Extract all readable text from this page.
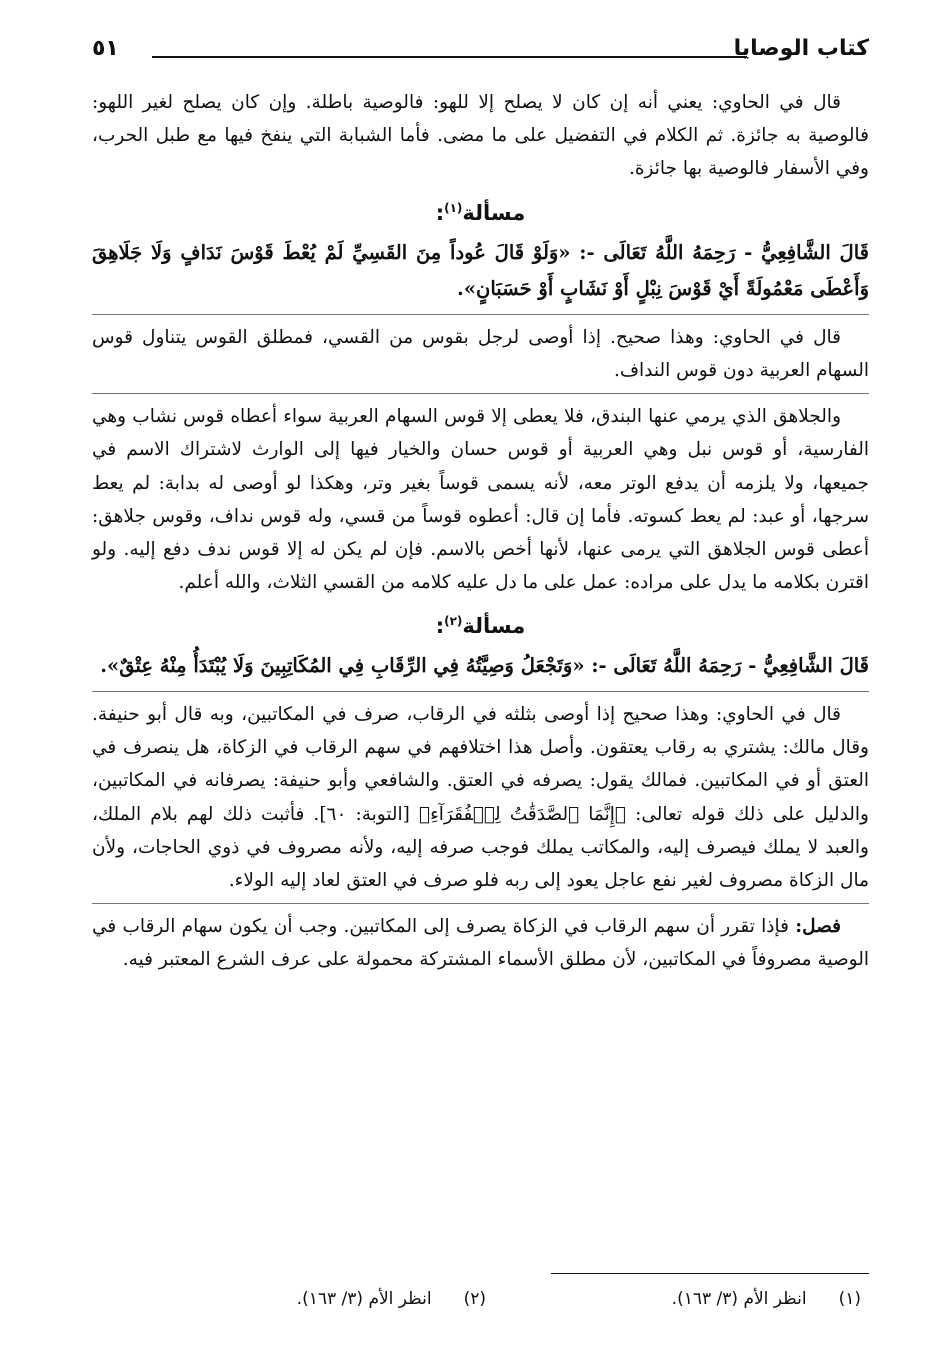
كتاب الوصايا
٥١

قال في الحاوي: يعني أنه إن كان لا يصلح إلا للهو: فالوصية باطلة. وإن كان يصلح لغير اللهو: فالوصية به جائزة. ثم الكلام في التفضيل على ما مضى. فأما الشبابة التي ينفخ فيها مع طبل الحرب، وفي الأسفار فالوصية بها جائزة.

مسألة$^{(١)}$:

قَالَ الشَّافِعِيُّ - رَحِمَهُ اللَّهُ تَعَالَى -: «وَلَوْ قَالَ عُوداً مِنَ القَسِيِّ لَمْ يُعْطَ قَوْسَ نَدَافٍ وَلَا جَلَاهِقَ وَأَعْطَى مَعْمُولَةً أَيْ قَوْسَ نِبْلٍ أَوْ نَشَابٍ أَوْ حَسَبَانٍ».

قال في الحاوي: وهذا صحيح. إذا أوصى لرجل بقوس من القسي، فمطلق القوس يتناول قوس السهام العربية دون قوس النداف.

والجلاهق الذي يرمي عنها البندق، فلا يعطى إلا قوس السهام العربية سواء أعطاه قوس نشاب وهي الفارسية، أو قوس نبل وهي العربية أو قوس حسان والخيار فيها إلى الوارث لاشتراك الاسم في جميعها، ولا يلزمه أن يدفع الوتر معه، لأنه يسمى قوساً بغير وتر، وهكذا لو أوصى له بدابة: لم يعط سرجها، أو عبد: لم يعط كسوته. فأما إن قال: أعطوه قوساً من قسي، وله قوس نداف، وقوس جلاهق: أعطى قوس الجلاهق التي يرمى عنها، لأنها أخص بالاسم. فإن لم يكن له إلا قوس ندف دفع إليه. ولو اقترن بكلامه ما يدل على مراده: عمل على ما دل عليه كلامه من القسي الثلاث، والله أعلم.

مسألة$^{(٢)}$:

قَالَ الشَّافِعِيُّ - رَحِمَهُ اللَّهُ تَعَالَى -: «وَتَجْعَلُ وَصِيَّتُهُ فِي الرِّقَابِ فِي المُكَاتِبِينَ وَلَا يُبْتَدَأُ مِنْهُ عِتْقٌ».

قال في الحاوي: وهذا صحيح إذا أوصى بثلثه في الرقاب، صرف في المكاتبين، وبه قال أبو حنيفة. وقال مالك: يشتري به رقاب يعتقون. وأصل هذا اختلافهم في سهم الرقاب في الزكاة، هل ينصرف في العتق أو في المكاتبين. فمالك يقول: يصرفه في العتق. والشافعي وأبو حنيفة: يصرفانه في المكاتبين، والدليل على ذلك قوله تعالى: ﴿إِنَّمَا ٱلصَّدَقَٰتُ لِلۡفُقَرَآءِ﴾ [التوبة: ٦٠]. فأثبت ذلك لهم بلام الملك، والعبد لا يملك فيصرف إليه، والمكاتب يملك فوجب صرفه إليه، ولأنه مصروف في ذوي الحاجات، ولأن مال الزكاة مصروف لغير نفع عاجل يعود إلى ربه فلو صرف في العتق لعاد إليه الولاء.

فصل: فإذا تقرر أن سهم الرقاب في الزكاة يصرف إلى المكاتبين. وجب أن يكون سهام الرقاب في الوصية مصروفاً في المكاتبين، لأن مطلق الأسماء المشتركة محمولة على عرف الشرع المعتبر فيه.

(١)انظر الأم (٣/ ١٦٣).
(٢)انظر الأم (٣/ ١٦٣).
